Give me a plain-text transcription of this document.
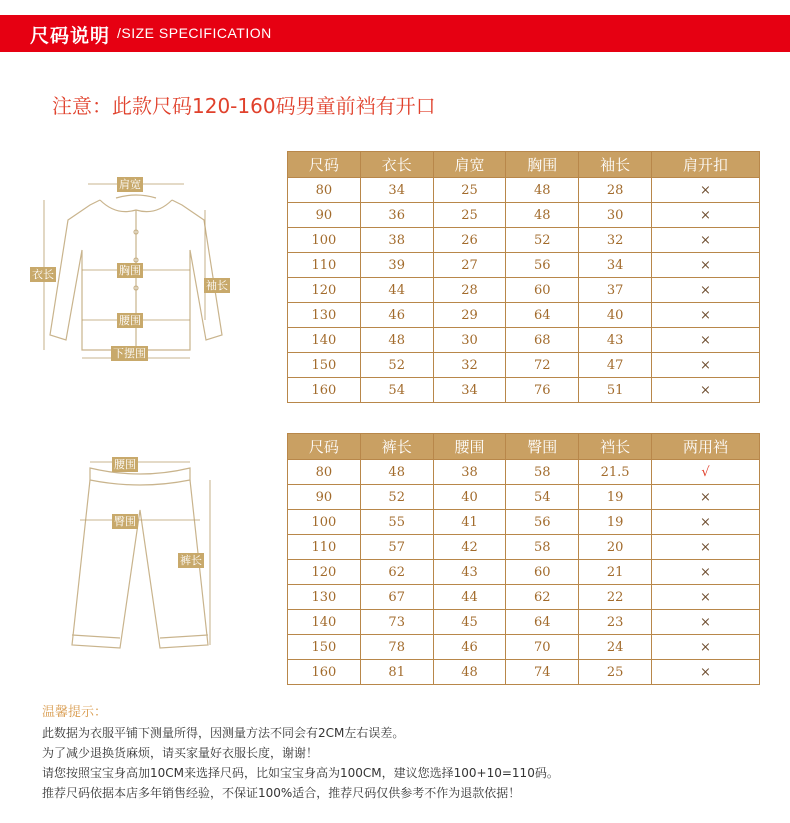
尺码说明 /SIZE SPECIFICATION
注意：此款尺码120-160码男童前裆有开口
肩宽
衣长	胸围
袖长
腰围
下摆围
腰围
臀围
裤长
尺码	衣长	肩宽	胸围	袖长	肩开扣
80	34	25	48	28	×
90	36	25	48	30	×
100	38	26	52	32	×
110	39	27	56	34	×
120	44	28	60	37	×
130	46	29	64	40	×
140	48	30	68	43	×
150	52	32	72	47	×
160	54	34	76	51	×
尺码	裤长	腰围	臀围	裆长	两用裆
80	48	38	58	21.5	√
90	52	40	54	19	×
100	55	41	56	19	×
110	57	42	58	20	×
120	62	43	60	21	×
130	67	44	62	22	×
140	73	45	64	23	×
150	78	46	70	24	×
160	81	48	74	25	×
温馨提示：
此数据为衣服平铺下测量所得，因测量方法不同会有2CM左右误差。
为了减少退换货麻烦，请买家量好衣服长度，谢谢！
请您按照宝宝身高加10CM来选择尺码，比如宝宝身高为100CM，建议您选择100+10=110码。
推荐尺码依据本店多年销售经验，不保证100%适合，推荐尺码仅供参考不作为退款依据！
